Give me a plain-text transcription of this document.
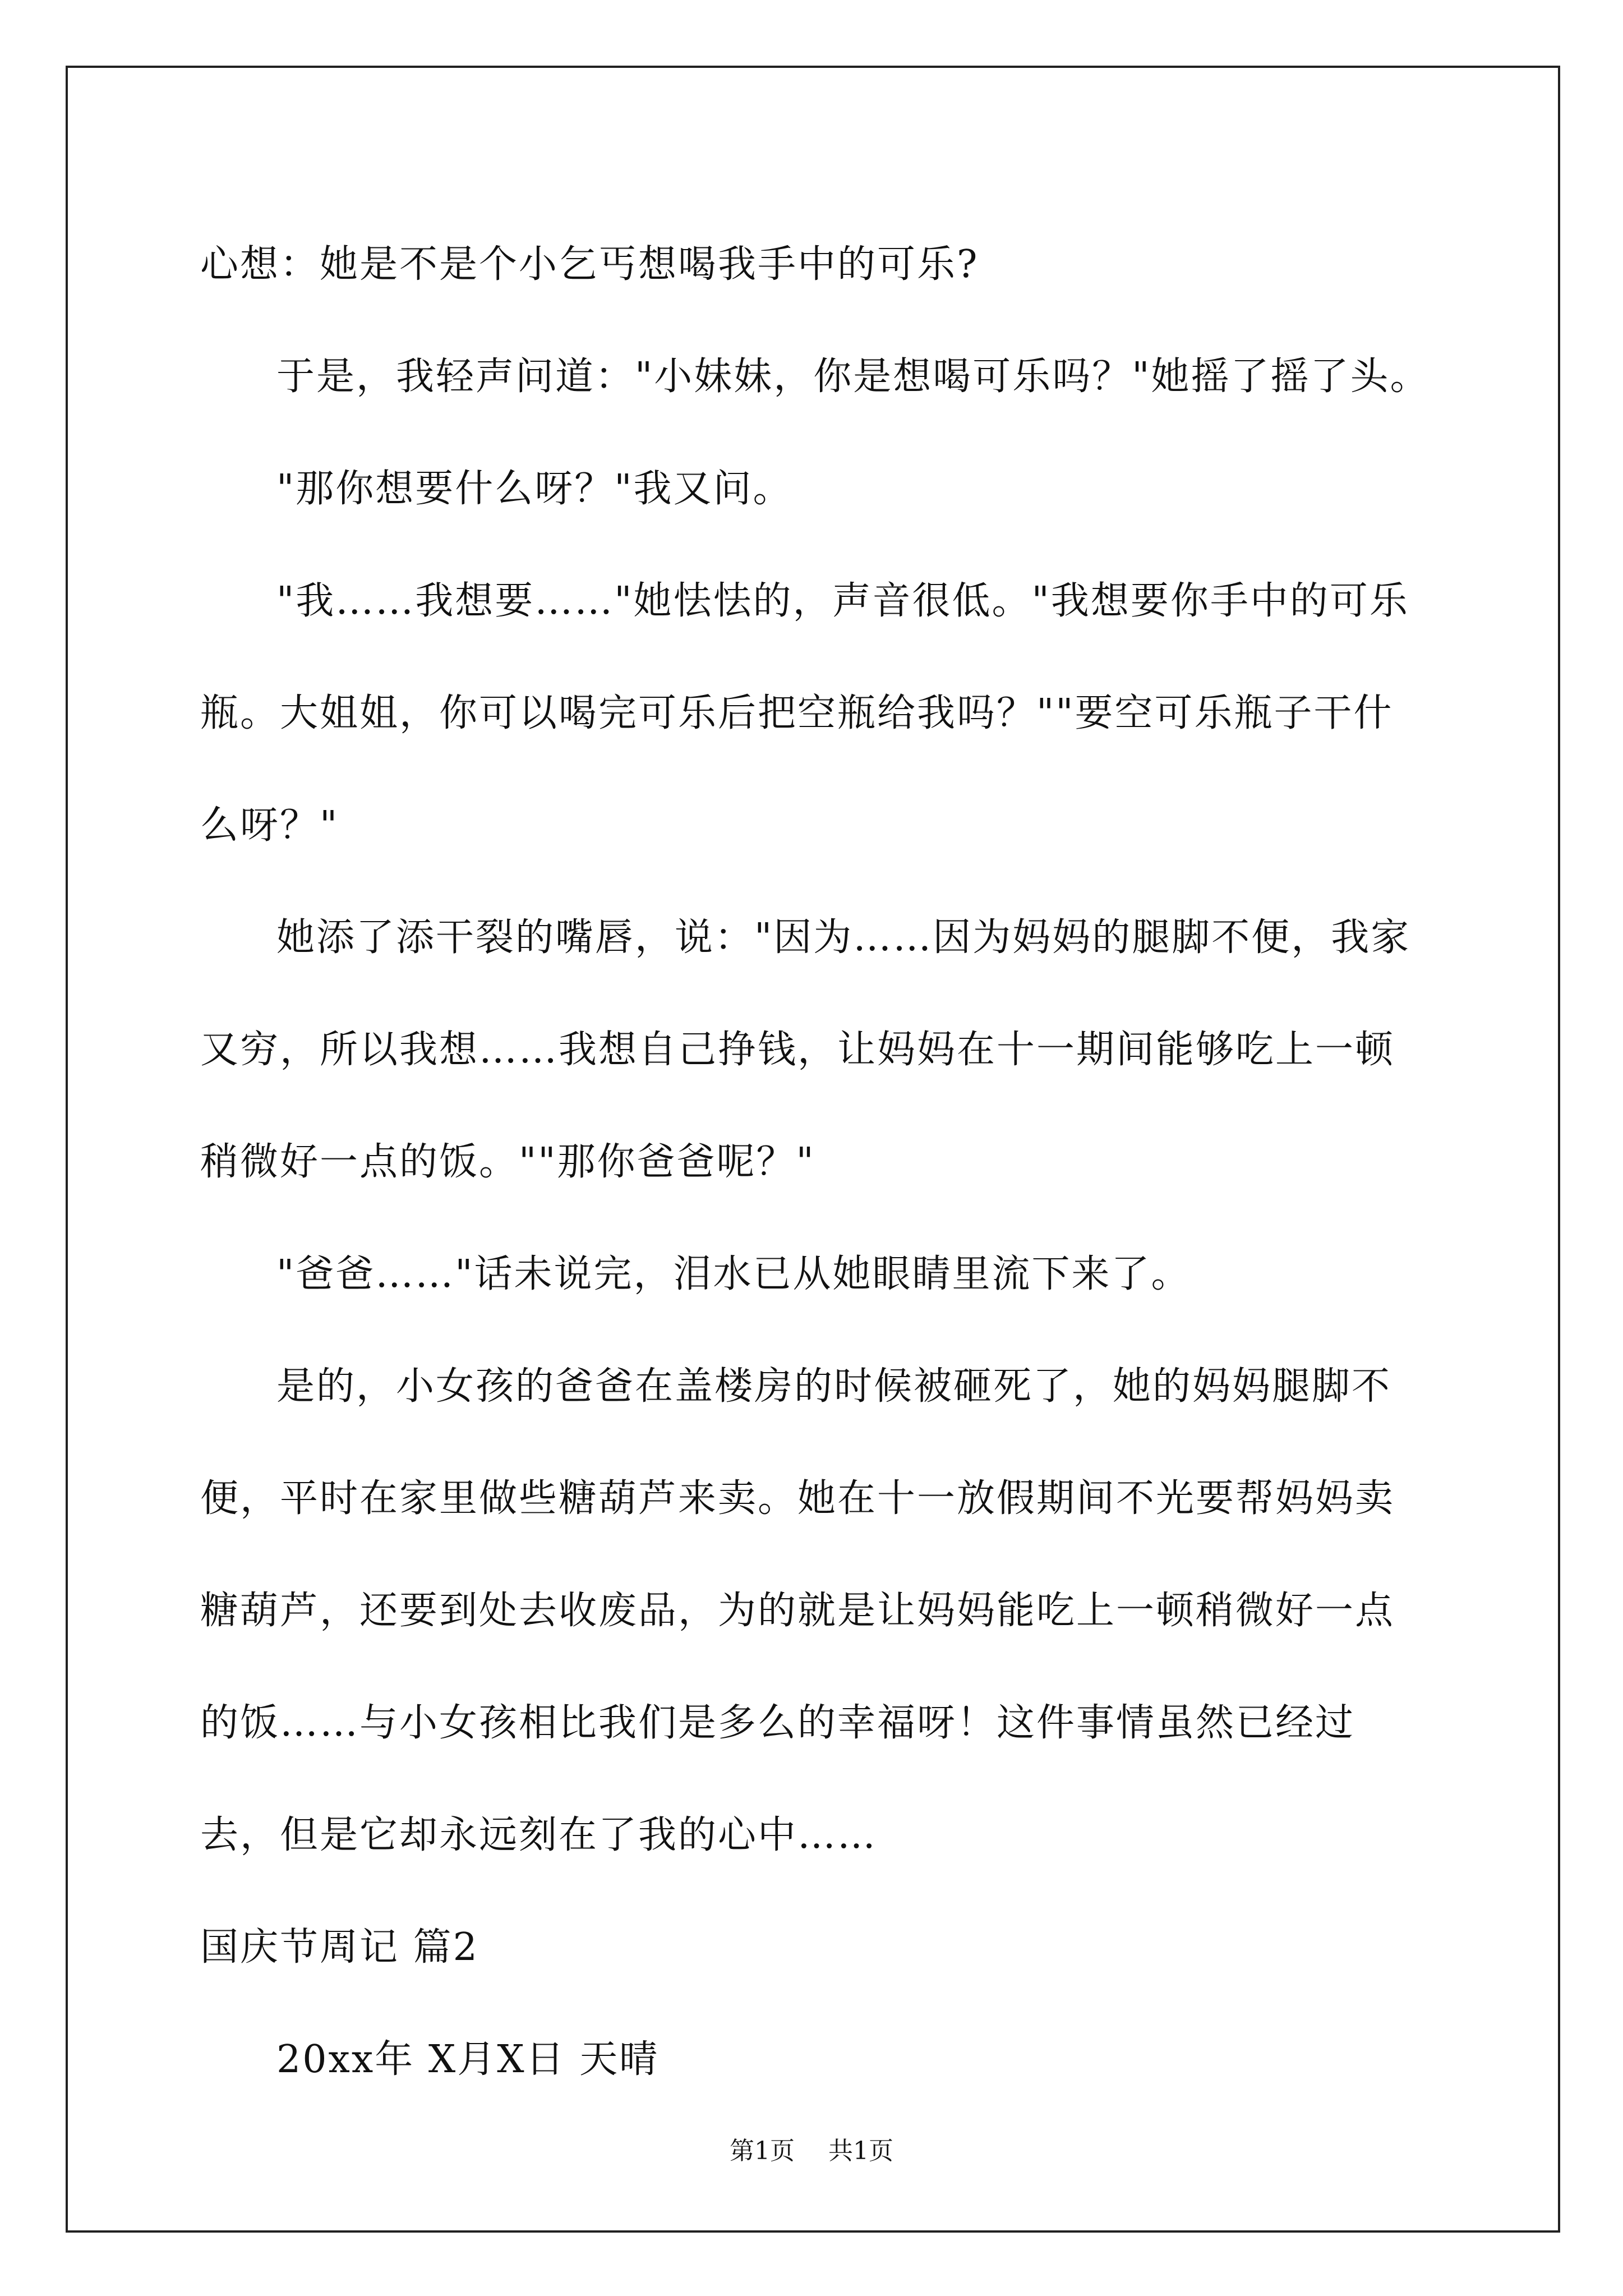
心想：她是不是个小乞丐想喝我手中的可乐?

于是，我轻声问道："小妹妹，你是想喝可乐吗？"她摇了摇了头。

"那你想要什么呀？"我又问。

"我……我想要……"她怯怯的，声音很低。"我想要你手中的可乐瓶。大姐姐，你可以喝完可乐后把空瓶给我吗？""要空可乐瓶子干什么呀？"

她添了添干裂的嘴唇，说："因为……因为妈妈的腿脚不便，我家又穷，所以我想……我想自己挣钱，让妈妈在十一期间能够吃上一顿稍微好一点的饭。""那你爸爸呢？"

"爸爸……"话未说完，泪水已从她眼睛里流下来了。

是的，小女孩的爸爸在盖楼房的时候被砸死了，她的妈妈腿脚不便，平时在家里做些糖葫芦来卖。她在十一放假期间不光要帮妈妈卖糖葫芦，还要到处去收废品，为的就是让妈妈能吃上一顿稍微好一点的饭……与小女孩相比我们是多么的幸福呀！这件事情虽然已经过去，但是它却永远刻在了我的心中……

国庆节周记 篇2

20xx年 X月X日 天晴

第1页 共1页
